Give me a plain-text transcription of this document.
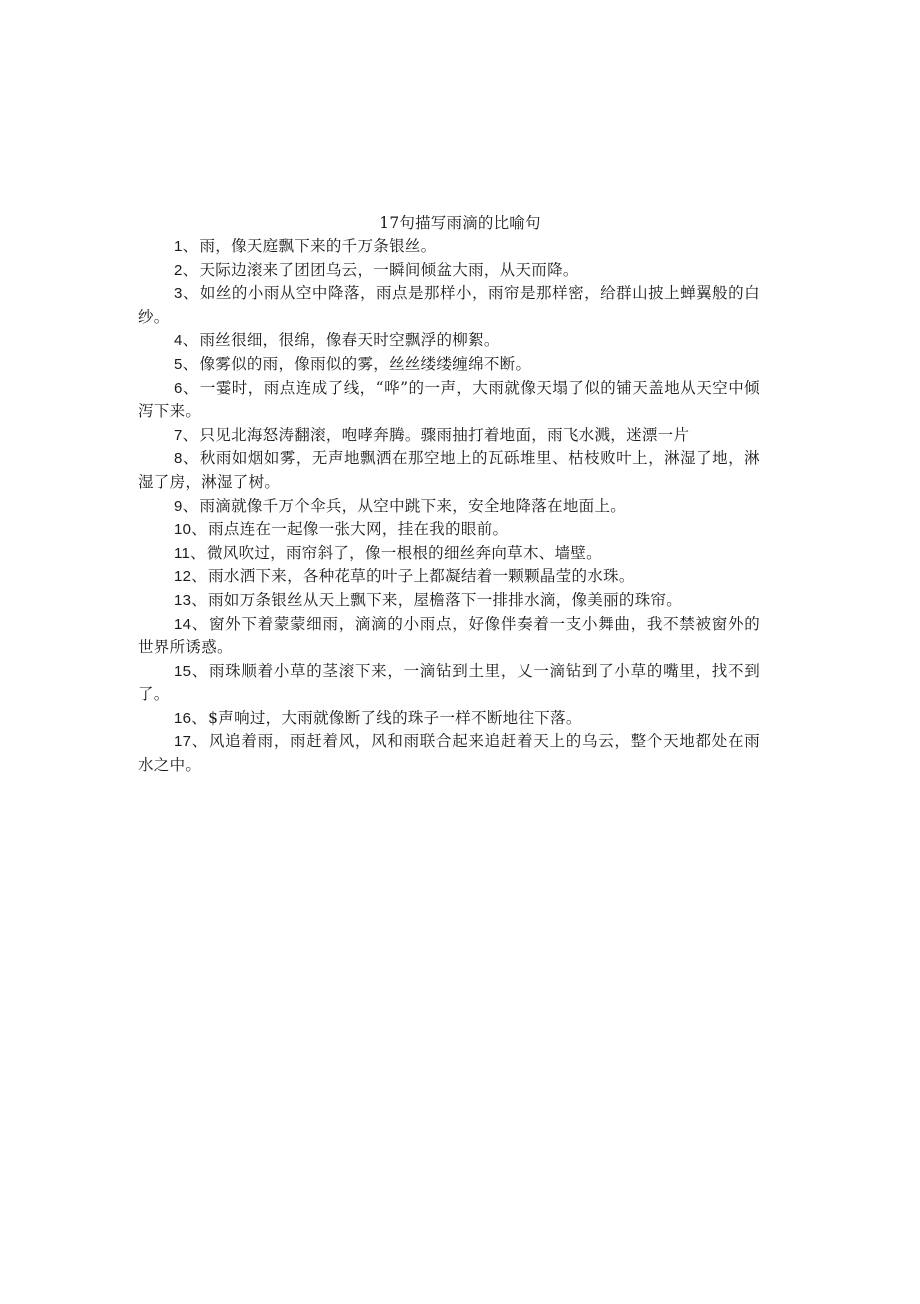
17句描写雨滴的比喻句

1、雨，像天庭飘下来的千万条银丝。

2、天际边滚来了团团乌云，一瞬间倾盆大雨，从天而降。

3、如丝的小雨从空中降落，雨点是那样小，雨帘是那样密，给群山披上蝉翼般的白纱。

4、雨丝很细，很绵，像春天时空飘浮的柳絮。

5、像雾似的雨，像雨似的雾，丝丝缕缕缠绵不断。

6、一霎时，雨点连成了线，“哗”的一声，大雨就像天塌了似的铺天盖地从天空中倾泻下来。

7、只见北海怒涛翻滚，咆哮奔腾。骤雨抽打着地面，雨飞水溅，迷漂一片

8、秋雨如烟如雾，无声地飘洒在那空地上的瓦砾堆里、枯枝败叶上，淋湿了地，淋湿了房，淋湿了树。

9、雨滴就像千万个伞兵，从空中跳下来，安全地降落在地面上。

10、雨点连在一起像一张大网，挂在我的眼前。

11、微风吹过，雨帘斜了，像一根根的细丝奔向草木、墙壁。

12、雨水洒下来，各种花草的叶子上都凝结着一颗颗晶莹的水珠。

13、雨如万条银丝从天上飘下来，屋檐落下一排排水滴，像美丽的珠帘。

14、窗外下着蒙蒙细雨，滴滴的小雨点，好像伴奏着一支小舞曲，我不禁被窗外的世界所诱惑。

15、雨珠顺着小草的茎滚下来，一滴钻到土里，乂一滴钻到了小草的嘴里，找不到了。

16、$声响过，大雨就像断了线的珠子一样不断地往下落。

17、风追着雨，雨赶着风，风和雨联合起来追赶着天上的乌云，整个天地都处在雨水之中。
